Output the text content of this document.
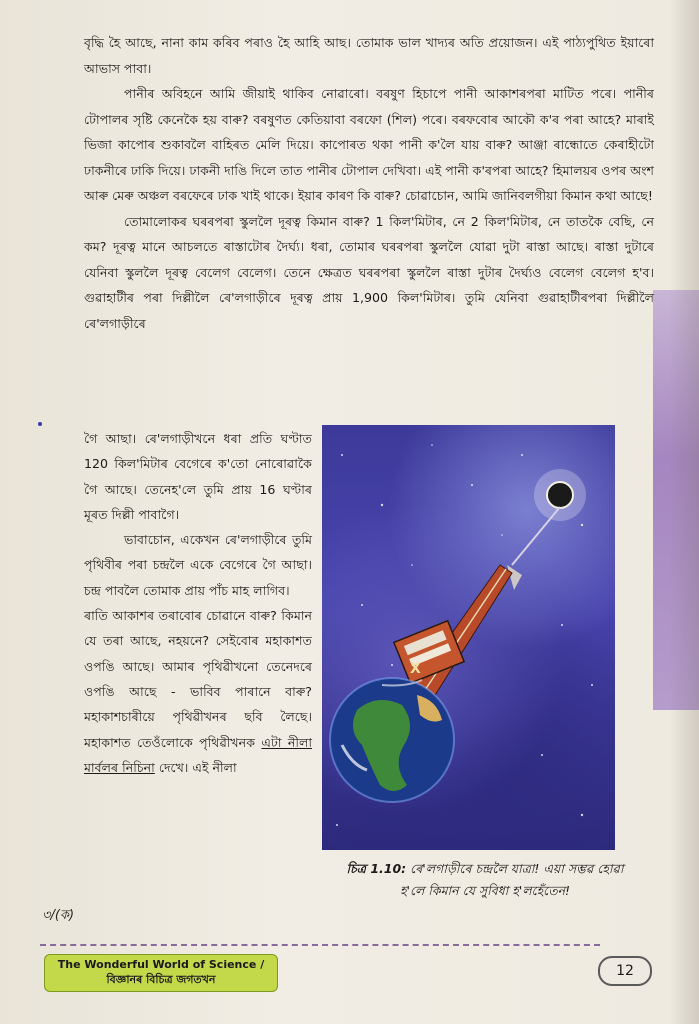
বৃদ্ধি হৈ আছে, নানা কাম কৰিব পৰাও হৈ আহি আছ। তোমাক ভাল খাদ্যৰ অতি প্ৰয়োজন। এই পাঠ্যপুথিত ইয়াৰো আভাস পাবা।

পানীৰ অবিহনে আমি জীয়াই থাকিব নোৱাৰো। বৰষুণ হিচাপে পানী আকাশৰপৰা মাটিত পৰে। পানীৰ টোপালৰ সৃষ্টি কেনেকৈ হয় বাৰু? বৰষুণত কেতিয়াবা বৰফো (শিল) পৰে। বৰফবোৰ আকৌ ক'ৰ পৰা আহে? মাৰাই ভিজা কাপোৰ শুকাবলৈ বাহিৰত মেলি দিয়ে। কাপোৰত থকা পানী ক'লৈ যায় বাৰু? আঞ্জা ৰান্ধোতে কেৰাহীটো ঢাকনীৰে ঢাকি দিয়ে। ঢাকনী দাঙি দিলে তাত পানীৰ টোপাল দেখিবা। এই পানী ক'ৰপৰা আহে? হিমালয়ৰ ওপৰ অংশ আৰু মেৰু অঞ্চল বৰফেৰে ঢাক খাই থাকে। ইয়াৰ কাৰণ কি বাৰু? চোৱাচোন, আমি জানিবলগীয়া কিমান কথা আছে!

তোমালোকৰ ঘৰৰপৰা স্কুললৈ দূৰত্ব কিমান বাৰু? 1 কিল'মিটাৰ, নে 2 কিল'মিটাৰ, নে তাতকৈ বেছি, নে কম? দূৰত্ব মানে আচলতে ৰাস্তাটোৰ দৈৰ্ঘ্য। ধৰা, তোমাৰ ঘৰৰপৰা স্কুললৈ যোৱা দুটা ৰাস্তা আছে। ৰাস্তা দুটাৰে যেনিবা স্কুললৈ দূৰত্ব বেলেগ বেলেগ। তেনে ক্ষেত্ৰত ঘৰৰপৰা স্কুললৈ ৰাস্তা দুটাৰ দৈৰ্ঘ্যও বেলেগ বেলেগ হ'ব। গুৱাহাটীৰ পৰা দিল্লীলৈ ৰে'লগাড়ীৰে দূৰত্ব প্ৰায় 1,900 কিল'মিটাৰ। তুমি যেনিবা গুৱাহাটীৰপৰা দিল্লীলৈ ৰে'লগাড়ীৰে

গৈ আছা। ৰে'লগাড়ীখনে ধৰা প্ৰতি ঘণ্টাত 120 কিল'মিটাৰ বেগেৰে ক'তো নোৰোৱাকৈ গৈ আছে। তেনেহ'লে তুমি প্ৰায় 16 ঘণ্টাৰ মূৰত দিল্লী পাবাগৈ।

ভাবাচোন, একেখন ৰে'লগাড়ীৰে তুমি পৃথিবীৰ পৰা চন্দ্ৰলৈ একে বেগেৰে গৈ আছা। চন্দ্ৰ পাবলৈ তোমাক প্ৰায় পাঁচ মাহ লাগিব।

ৰাতি আকাশৰ তৰাবোৰ চোৱানে বাৰু? কিমান যে তৰা আছে, নহয়নে? সেইবোৰ মহাকাশত ওপঙি আছে। আমাৰ পৃথিৱীখনো তেনেদৰে ওপঙি আছে - ভাবিব পাৰানে বাৰু? মহাকাশচাৰীয়ে পৃথিৱীখনৰ ছবি লৈছে। মহাকাশত তেওঁলোকে পৃথিৱীখনক এটা নীলা মাৰ্বলৰ নিচিনা দেখে। এই নীলা

X
চিত্ৰ 1.10: ৰে'লগাড়ীৰে চন্দ্ৰলৈ যাত্ৰা! এয়া সম্ভৱ হোৱা হ'লে কিমান যে সুবিধা হ'লহেঁতেন!
৩/(ক)
The Wonderful World of Science /
বিজ্ঞানৰ বিচিত্ৰ জগতখন
12
